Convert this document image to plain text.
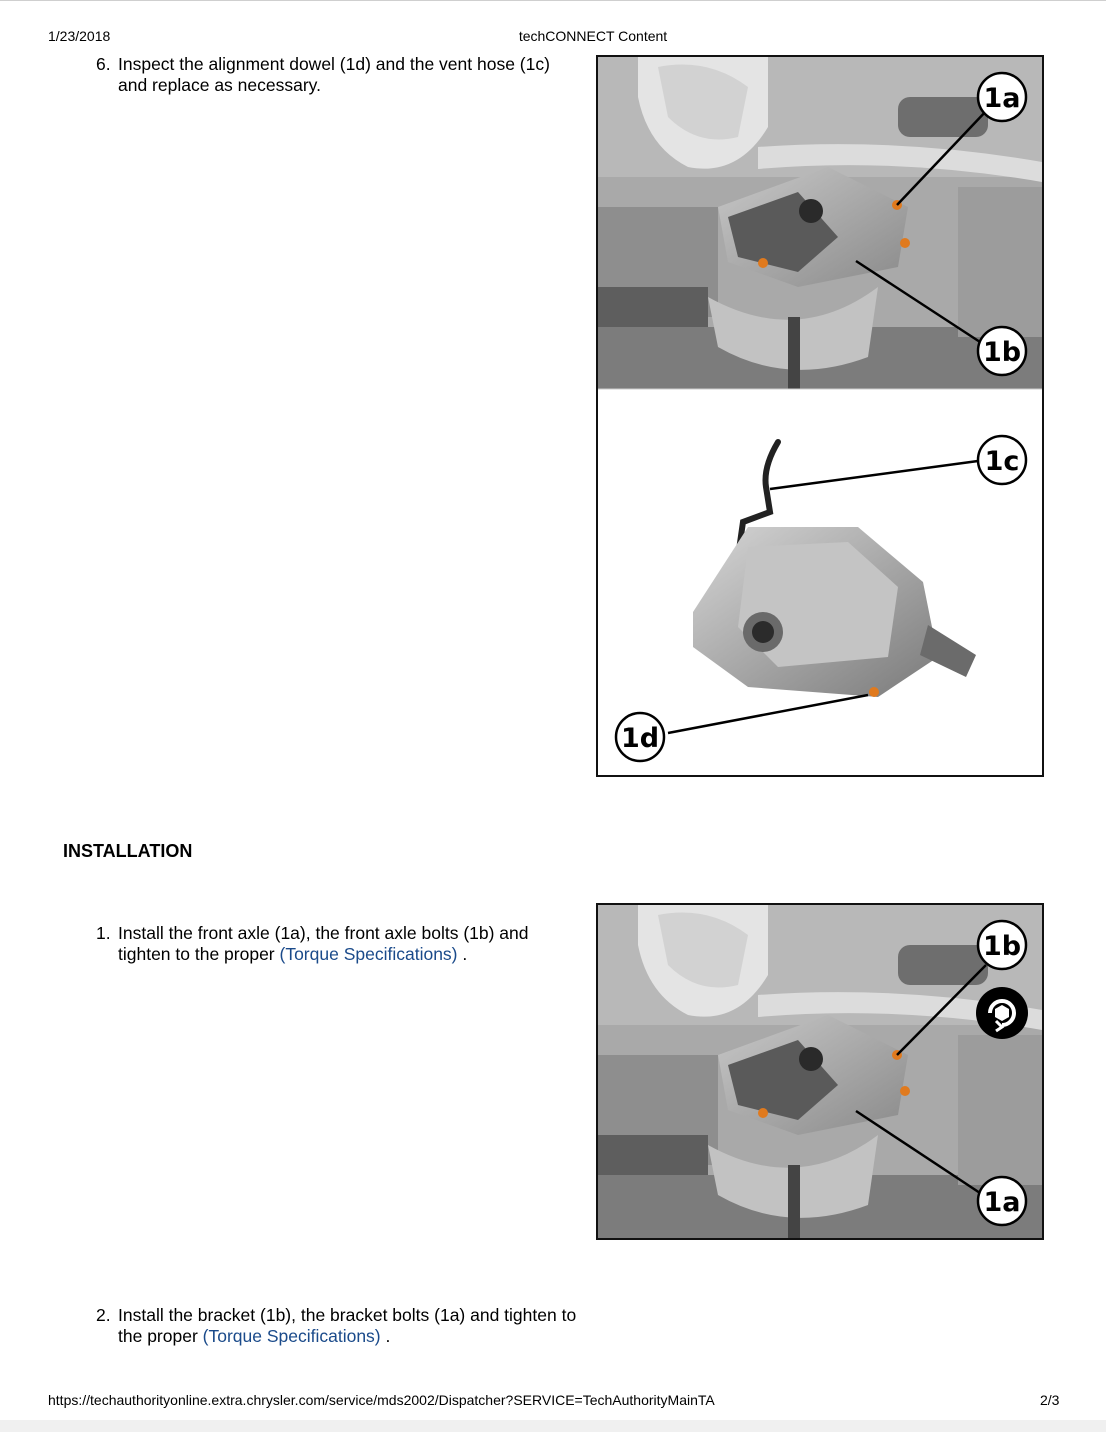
1/23/2018	techCONNECT Content
6. Inspect the alignment dowel (1d) and the vent hose (1c)
and replace as necessary.	1a
1b
1c
1d
INSTALLATION
1. Install the front axle (1a), the front axle bolts (1b) and
tighten to the proper (Torque Specifications) .	1b
1a
2. Install the bracket (1b), the bracket bolts (1a) and tighten to
the proper (Torque Specifications) .
https://techauthorityonline.extra.chrysler.com/service/mds2002/Dispatcher?SERVICE=TechAuthorityMainTA	2/3
